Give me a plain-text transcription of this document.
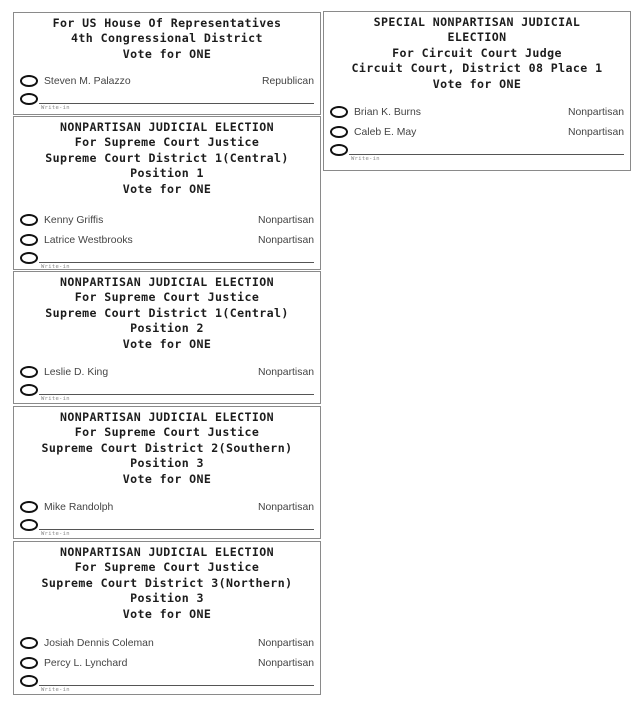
For US House Of Representatives
4th Congressional District
Vote for ONE
Steven M. Palazzo	Republican
Write-in
NONPARTISAN JUDICIAL ELECTION
For Supreme Court Justice
Supreme Court District 1(Central)
Position 1
Vote for ONE
Kenny Griffis	Nonpartisan
Latrice Westbrooks	Nonpartisan
Write-in
NONPARTISAN JUDICIAL ELECTION
For Supreme Court Justice
Supreme Court District 1(Central)
Position 2
Vote for ONE
Leslie D. King	Nonpartisan
Write-in
NONPARTISAN JUDICIAL ELECTION
For Supreme Court Justice
Supreme Court District 2(Southern)
Position 3
Vote for ONE
Mike Randolph	Nonpartisan
Write-in
NONPARTISAN JUDICIAL ELECTION
For Supreme Court Justice
Supreme Court District 3(Northern)
Position 3
Vote for ONE
Josiah Dennis Coleman	Nonpartisan
Percy L. Lynchard	Nonpartisan
Write-in
SPECIAL NONPARTISAN JUDICIAL
ELECTION
For Circuit Court Judge
Circuit Court, District 08 Place 1
Vote for ONE
Brian K. Burns	Nonpartisan
Caleb E. May	Nonpartisan
Write-in
